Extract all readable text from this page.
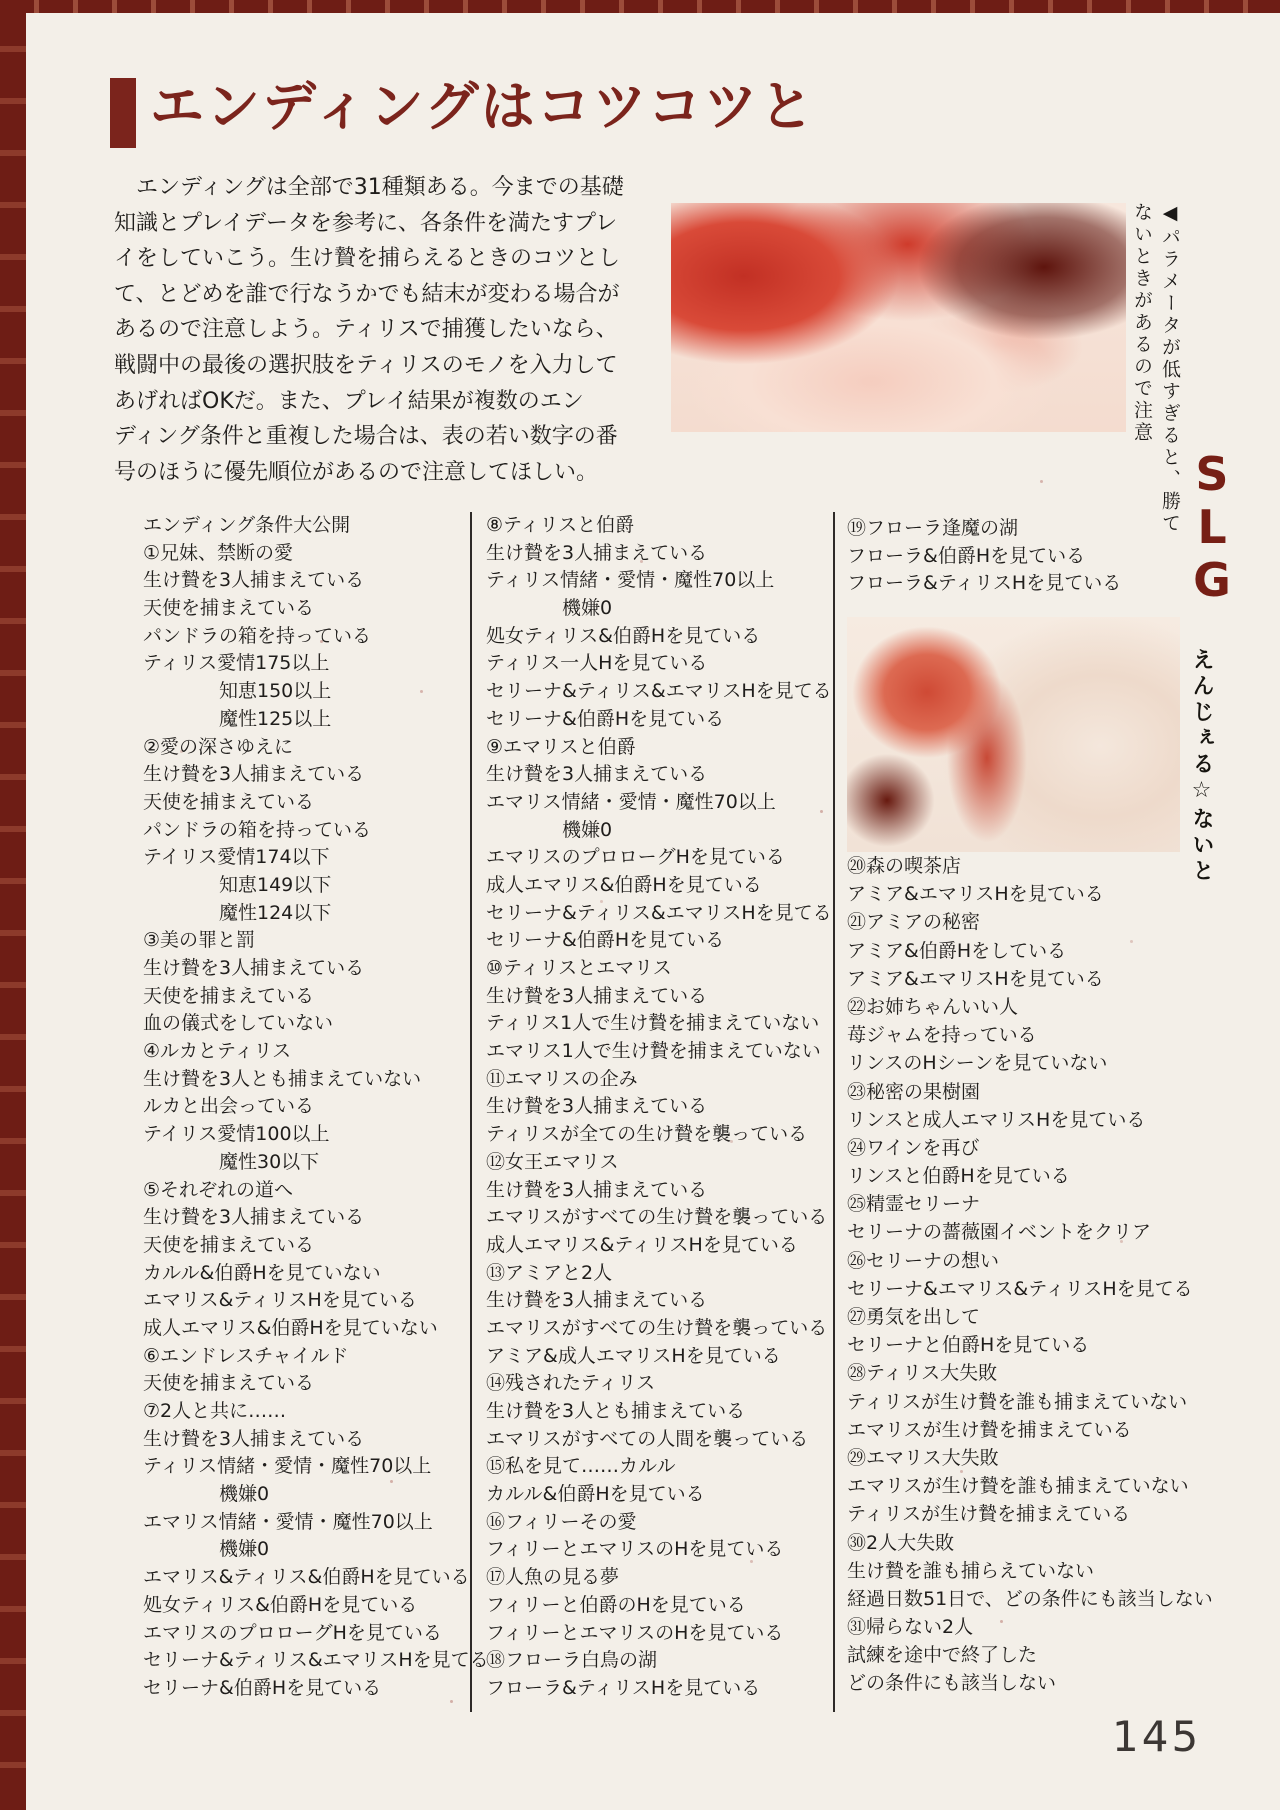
エンディングはコツコツと
　エンディングは全部で31種類ある。今までの基礎
知識とプレイデータを参考に、各条件を満たすプレ
イをしていこう。生け贄を捕らえるときのコツとし
て、とどめを誰で行なうかでも結末が変わる場合が
あるので注意しよう。ティリスで捕獲したいなら、
戦闘中の最後の選択肢をティリスのモノを入力して
あげればOKだ。また、プレイ結果が複数のエン
ディング条件と重複した場合は、表の若い数字の番
号のほうに優先順位があるので注意してほしい。	◀パラメータが低すぎると、勝て
ないときがあるので注意
エンディング条件大公開
①兄妹、禁断の愛
生け贄を3人捕まえている
天使を捕まえている
パンドラの箱を持っている
ティリス愛情175以上
知恵150以上
魔性125以上
②愛の深さゆえに
生け贄を3人捕まえている
天使を捕まえている
パンドラの箱を持っている
テイリス愛情174以下
知恵149以下
魔性124以下
③美の罪と罰
生け贄を3人捕まえている
天使を捕まえている
血の儀式をしていない
④ルカとティリス
生け贄を3人とも捕まえていない
ルカと出会っている
テイリス愛情100以上
魔性30以下
⑤それぞれの道へ
生け贄を3人捕まえている
天使を捕まえている
カルル&伯爵Hを見ていない
エマリス&ティリスHを見ている
成人エマリス&伯爵Hを見ていない
⑥エンドレスチャイルド
天使を捕まえている
⑦2人と共に……
生け贄を3人捕まえている
ティリス情緒・愛情・魔性70以上
機嫌0
エマリス情緒・愛情・魔性70以上
機嫌0
エマリス&ティリス&伯爵Hを見ている
処女ティリス&伯爵Hを見ている
エマリスのプロローグHを見ている
セリーナ&ティリス&エマリスHを見てる
セリーナ&伯爵Hを見ている
⑧ティリスと伯爵
生け贄を3人捕まえている
ティリス情緒・愛情・魔性70以上
機嫌0
処女ティリス&伯爵Hを見ている
ティリス一人Hを見ている
セリーナ&ティリス&エマリスHを見てる
セリーナ&伯爵Hを見ている
⑨エマリスと伯爵
生け贄を3人捕まえている
エマリス情緒・愛情・魔性70以上
機嫌0
エマリスのプロローグHを見ている
成人エマリス&伯爵Hを見ている
セリーナ&ティリス&エマリスHを見てる
セリーナ&伯爵Hを見ている
⑩ティリスとエマリス
生け贄を3人捕まえている
ティリス1人で生け贄を捕まえていない
エマリス1人で生け贄を捕まえていない
⑪エマリスの企み
生け贄を3人捕まえている
ティリスが全ての生け贄を襲っている
⑫女王エマリス
生け贄を3人捕まえている
エマリスがすべての生け贄を襲っている
成人エマリス&ティリスHを見ている
⑬アミアと2人
生け贄を3人捕まえている
エマリスがすべての生け贄を襲っている
アミア&成人エマリスHを見ている
⑭残されたティリス
生け贄を3人とも捕まえている
エマリスがすべての人間を襲っている
⑮私を見て……カルル
カルル&伯爵Hを見ている
⑯フィリーその愛
フィリーとエマリスのHを見ている
⑰人魚の見る夢
フィリーと伯爵のHを見ている
フィリーとエマリスのHを見ている
⑱フローラ白鳥の湖
フローラ&ティリスHを見ている
⑲フローラ逢魔の湖
フローラ&伯爵Hを見ている
フローラ&ティリスHを見ている
⑳森の喫茶店
アミア&エマリスHを見ている
㉑アミアの秘密
アミア&伯爵Hをしている
アミア&エマリスHを見ている
㉒お姉ちゃんいい人
苺ジャムを持っている
リンスのHシーンを見ていない
㉓秘密の果樹園
リンスと成人エマリスHを見ている
㉔ワインを再び
リンスと伯爵Hを見ている
㉕精霊セリーナ
セリーナの薔薇園イベントをクリア
㉖セリーナの想い
セリーナ&エマリス&ティリスHを見てる
㉗勇気を出して
セリーナと伯爵Hを見ている
㉘ティリス大失敗
ティリスが生け贄を誰も捕まえていない
エマリスが生け贄を捕まえている
㉙エマリス大失敗
エマリスが生け贄を誰も捕まえていない
ティリスが生け贄を捕まえている
㉚2人大失敗
生け贄を誰も捕らえていない
経過日数51日で、どの条件にも該当しない
㉛帰らない2人
試練を途中で終了した
どの条件にも該当しない
S
L
G
えんじぇる☆ないと
145
